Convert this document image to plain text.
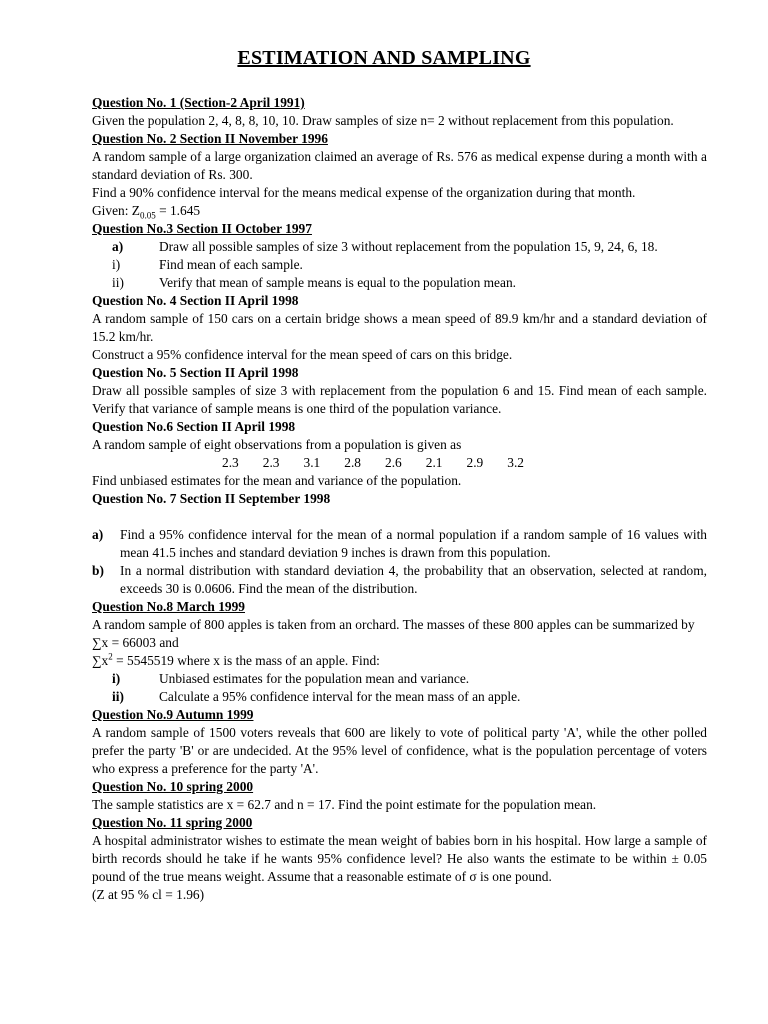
ESTIMATION AND SAMPLING
Question No. 1 (Section-2 April 1991)
Given the population 2, 4, 8, 8, 10, 10. Draw samples of size n= 2 without replacement from this population.
Question No. 2 Section II November 1996
A random sample of a large organization claimed an average of Rs. 576 as medical expense during a month with a standard deviation of Rs. 300.
Find a 90% confidence interval for the means medical expense of the organization during that month.
Given: $Z_{0.05} = 1.645$
Question No.3 Section II October 1997
a)	Draw all possible samples of size 3 without replacement from the population 15, 9, 24, 6, 18.
i)	Find mean of each sample.
ii)	Verify that mean of sample means is equal to the population mean.
Question No. 4 Section II April 1998
A random sample of 150 cars on a certain bridge shows a mean speed of 89.9 km/hr and a standard deviation of 15.2 km/hr.
Construct a 95% confidence interval for the mean speed of cars on this bridge.
Question No. 5 Section II April 1998
Draw all possible samples of size 3 with replacement from the population 6 and 15. Find mean of each sample. Verify that variance of sample means is one third of the population variance.
Question No.6 Section II April 1998
A random sample of eight observations from a population is given as
2.3 2.3 3.1 2.8 2.6 2.1 2.9 3.2
Find unbiased estimates for the mean and variance of the population.
Question No. 7 Section II September 1998
a)	Find a 95% confidence interval for the mean of a normal population if a random sample of 16 values with mean 41.5 inches and standard deviation 9 inches is drawn from this population.
b)	In a normal distribution with standard deviation 4, the probability that an observation, selected at random, exceeds 30 is 0.0606. Find the mean of the distribution.
Question No.8 March 1999
A random sample of 800 apples is taken from an orchard. The masses of these 800 apples can be summarized by
∑x = 66003 and
$\sum x^2 = 5545519$ where x is the mass of an apple. Find:
i)	Unbiased estimates for the population mean and variance.
ii)	Calculate a 95% confidence interval for the mean mass of an apple.
Question No.9 Autumn 1999
A random sample of 1500 voters reveals that 600 are likely to vote of political party 'A', while the other polled prefer the party 'B' or are undecided. At the 95% level of confidence, what is the population percentage of voters who express a preference for the party 'A'.
Question No. 10 spring 2000
The sample statistics are x = 62.7 and n = 17. Find the point estimate for the population mean.
Question No. 11 spring 2000
A hospital administrator wishes to estimate the mean weight of babies born in his hospital. How large a sample of birth records should he take if he wants 95% confidence level? He also wants the estimate to be within ± 0.05 pound of the true means weight. Assume that a reasonable estimate of σ is one pound.
(Z at 95 % cl = 1.96)
